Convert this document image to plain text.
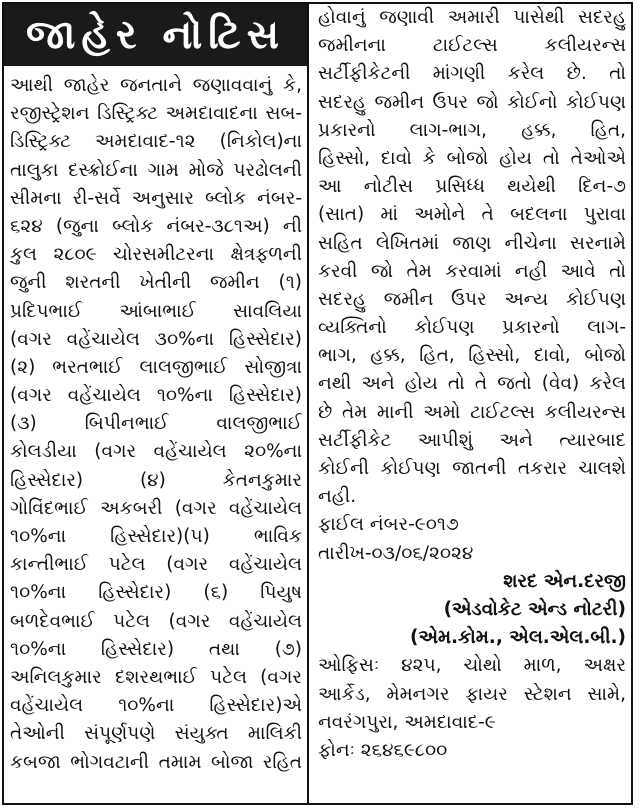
જાહેર નોટિસ
આથી જાહેર જનતાને જણાવવાનું કે,
રજીસ્ટ્રેશન ડિસ્ટ્રિક્ટ અમદાવાદના સબ-
ડિસ્ટ્રિક્ટ અમદાવાદ-૧૨ (નિકોલ)ના
તાલુકા દસ્ક્રોઈના ગામ મોજે પરઢોલની
સીમના રી-સર્વે અનુસાર બ્લોક નંબર-
૬૨૪ (જુના બ્લોક નંબર-૩૮૧અ) ની
કુલ ૨૮૦૯ ચોરસમીટરના ક્ષેત્રફળની
જુની શરતની ખેતીની જમીન (૧)
પ્રદિપભાઈ આંબાભાઈ સાવલિયા
(વગર વહેંચાયેલ ૩૦%ના હિસ્સેદાર)
(૨) ભરતભાઈ લાલજીભાઈ સોજીત્રા
(વગર વહેંચાયેલ ૧૦%ના હિસ્સેદાર)
(૩) બિપીનભાઈ વાલજીભાઈ
કોલડીયા (વગર વહેંચાયેલ ૨૦%ના
હિસ્સેદાર) (૪) કેતનકુમાર
ગોવિંદભાઈ અકબરી (વગર વહેંચાયેલ
૧૦%ના હિસ્સેદાર)(૫) ભાવિક
કાન્તીભાઈ પટેલ (વગર વહેંચાયેલ
૧૦%ના હિસ્સેદાર) (૬) પિયુષ
બળદેવભાઈ પટેલ (વગર વહેંચાયેલ
૧૦%ના હિસ્સેદાર) તથા (૭)
અનિલકુમાર દશરથભાઈ પટેલ (વગર
વહેંચાયેલ ૧૦%ના હિસ્સેદાર)એ
તેઓની સંપૂર્ણપણે સંયુક્ત માલિકી
કબજા ભોગવટાની તમામ બોજા રહિત
હોવાનું જણાવી અમારી પાસેથી સદરહુ
જમીનના ટાઈટલ્સ કલીયરન્સ
સર્ટીફીકેટની માંગણી કરેલ છે. તો
સદરહુ જમીન ઉપર જો કોઈનો કોઈપણ
પ્રકારનો લાગ-ભાગ, હક્ક, હિત,
હિસ્સો, દાવો કે બોજો હોય તો તેઓએ
આ નોટીસ પ્રસિધ્ધ થયેથી દિન-૭
(સાત) માં અમોને તે બદલના પુરાવા
સહિત લેખિતમાં જાણ નીચેના સરનામે
કરવી જો તેમ કરવામાં નહી આવે તો
સદરહુ જમીન ઉપર અન્ય કોઈપણ
વ્યક્તિનો કોઈપણ પ્રકારનો લાગ-
ભાગ, હક્ક, હિત, હિસ્સો, દાવો, બોજો
નથી અને હોય તો તે જતો (વેવ) કરેલ
છે તેમ માની અમો ટાઈટલ્સ કલીયરન્સ
સર્ટીફીકેટ આપીશું અને ત્યારબાદ
કોઈની કોઈપણ જાતની તકરાર ચાલશે
નહી.
ફાઈલ નંબર-૯૦૧૭
તારીખ-૦૩/૦૬/૨૦૨૪
શરદ એન.દરજી
(એડવોકેટ એન્ડ નોટરી)
(એમ.કોમ., એલ.એલ.બી.)
ઓફિસઃ ૪૨૫, ચોથો માળ, અક્ષર
આર્કેડ, મેમનગર ફાયર સ્ટેશન સામે,
નવરંગપુરા, અમદાવાદ-૯
ફોનઃ ૨૬૪૬૯૮૦૦
